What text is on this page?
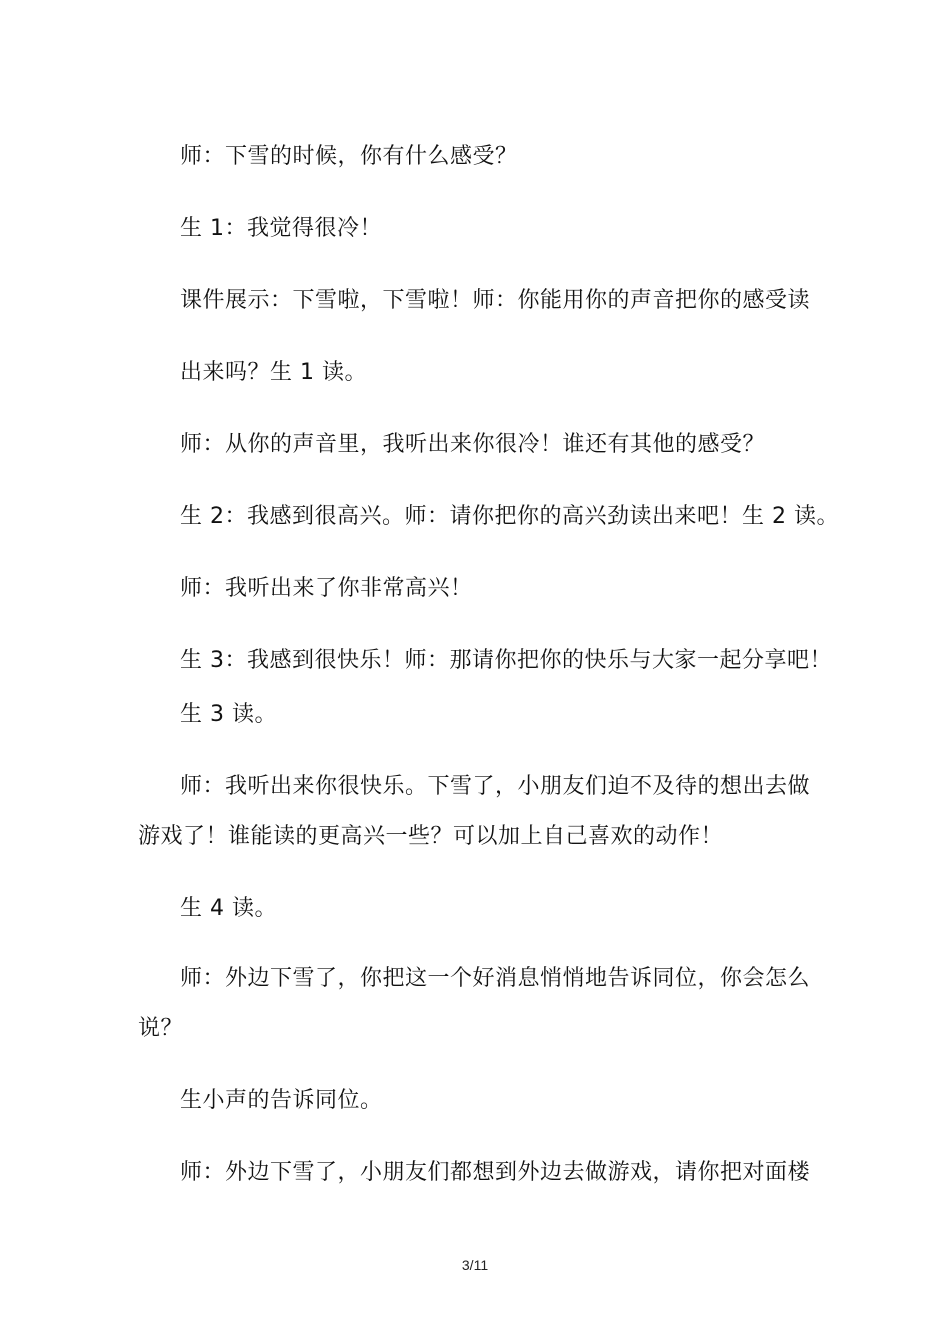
师：下雪的时候，你有什么感受？
生 1：我觉得很冷！
课件展示：下雪啦，下雪啦！师：你能用你的声音把你的感受读
出来吗？生 1 读。
师：从你的声音里，我听出来你很冷！谁还有其他的感受？
生 2：我感到很高兴。师：请你把你的高兴劲读出来吧！生 2 读。
师：我听出来了你非常高兴！
生 3：我感到很快乐！师：那请你把你的快乐与大家一起分享吧！
生 3 读。
师：我听出来你很快乐。下雪了，小朋友们迫不及待的想出去做
游戏了！谁能读的更高兴一些？可以加上自己喜欢的动作！
生 4 读。
师：外边下雪了，你把这一个好消息悄悄地告诉同位，你会怎么
说？
生小声的告诉同位。
师：外边下雪了，小朋友们都想到外边去做游戏，请你把对面楼
3/11
